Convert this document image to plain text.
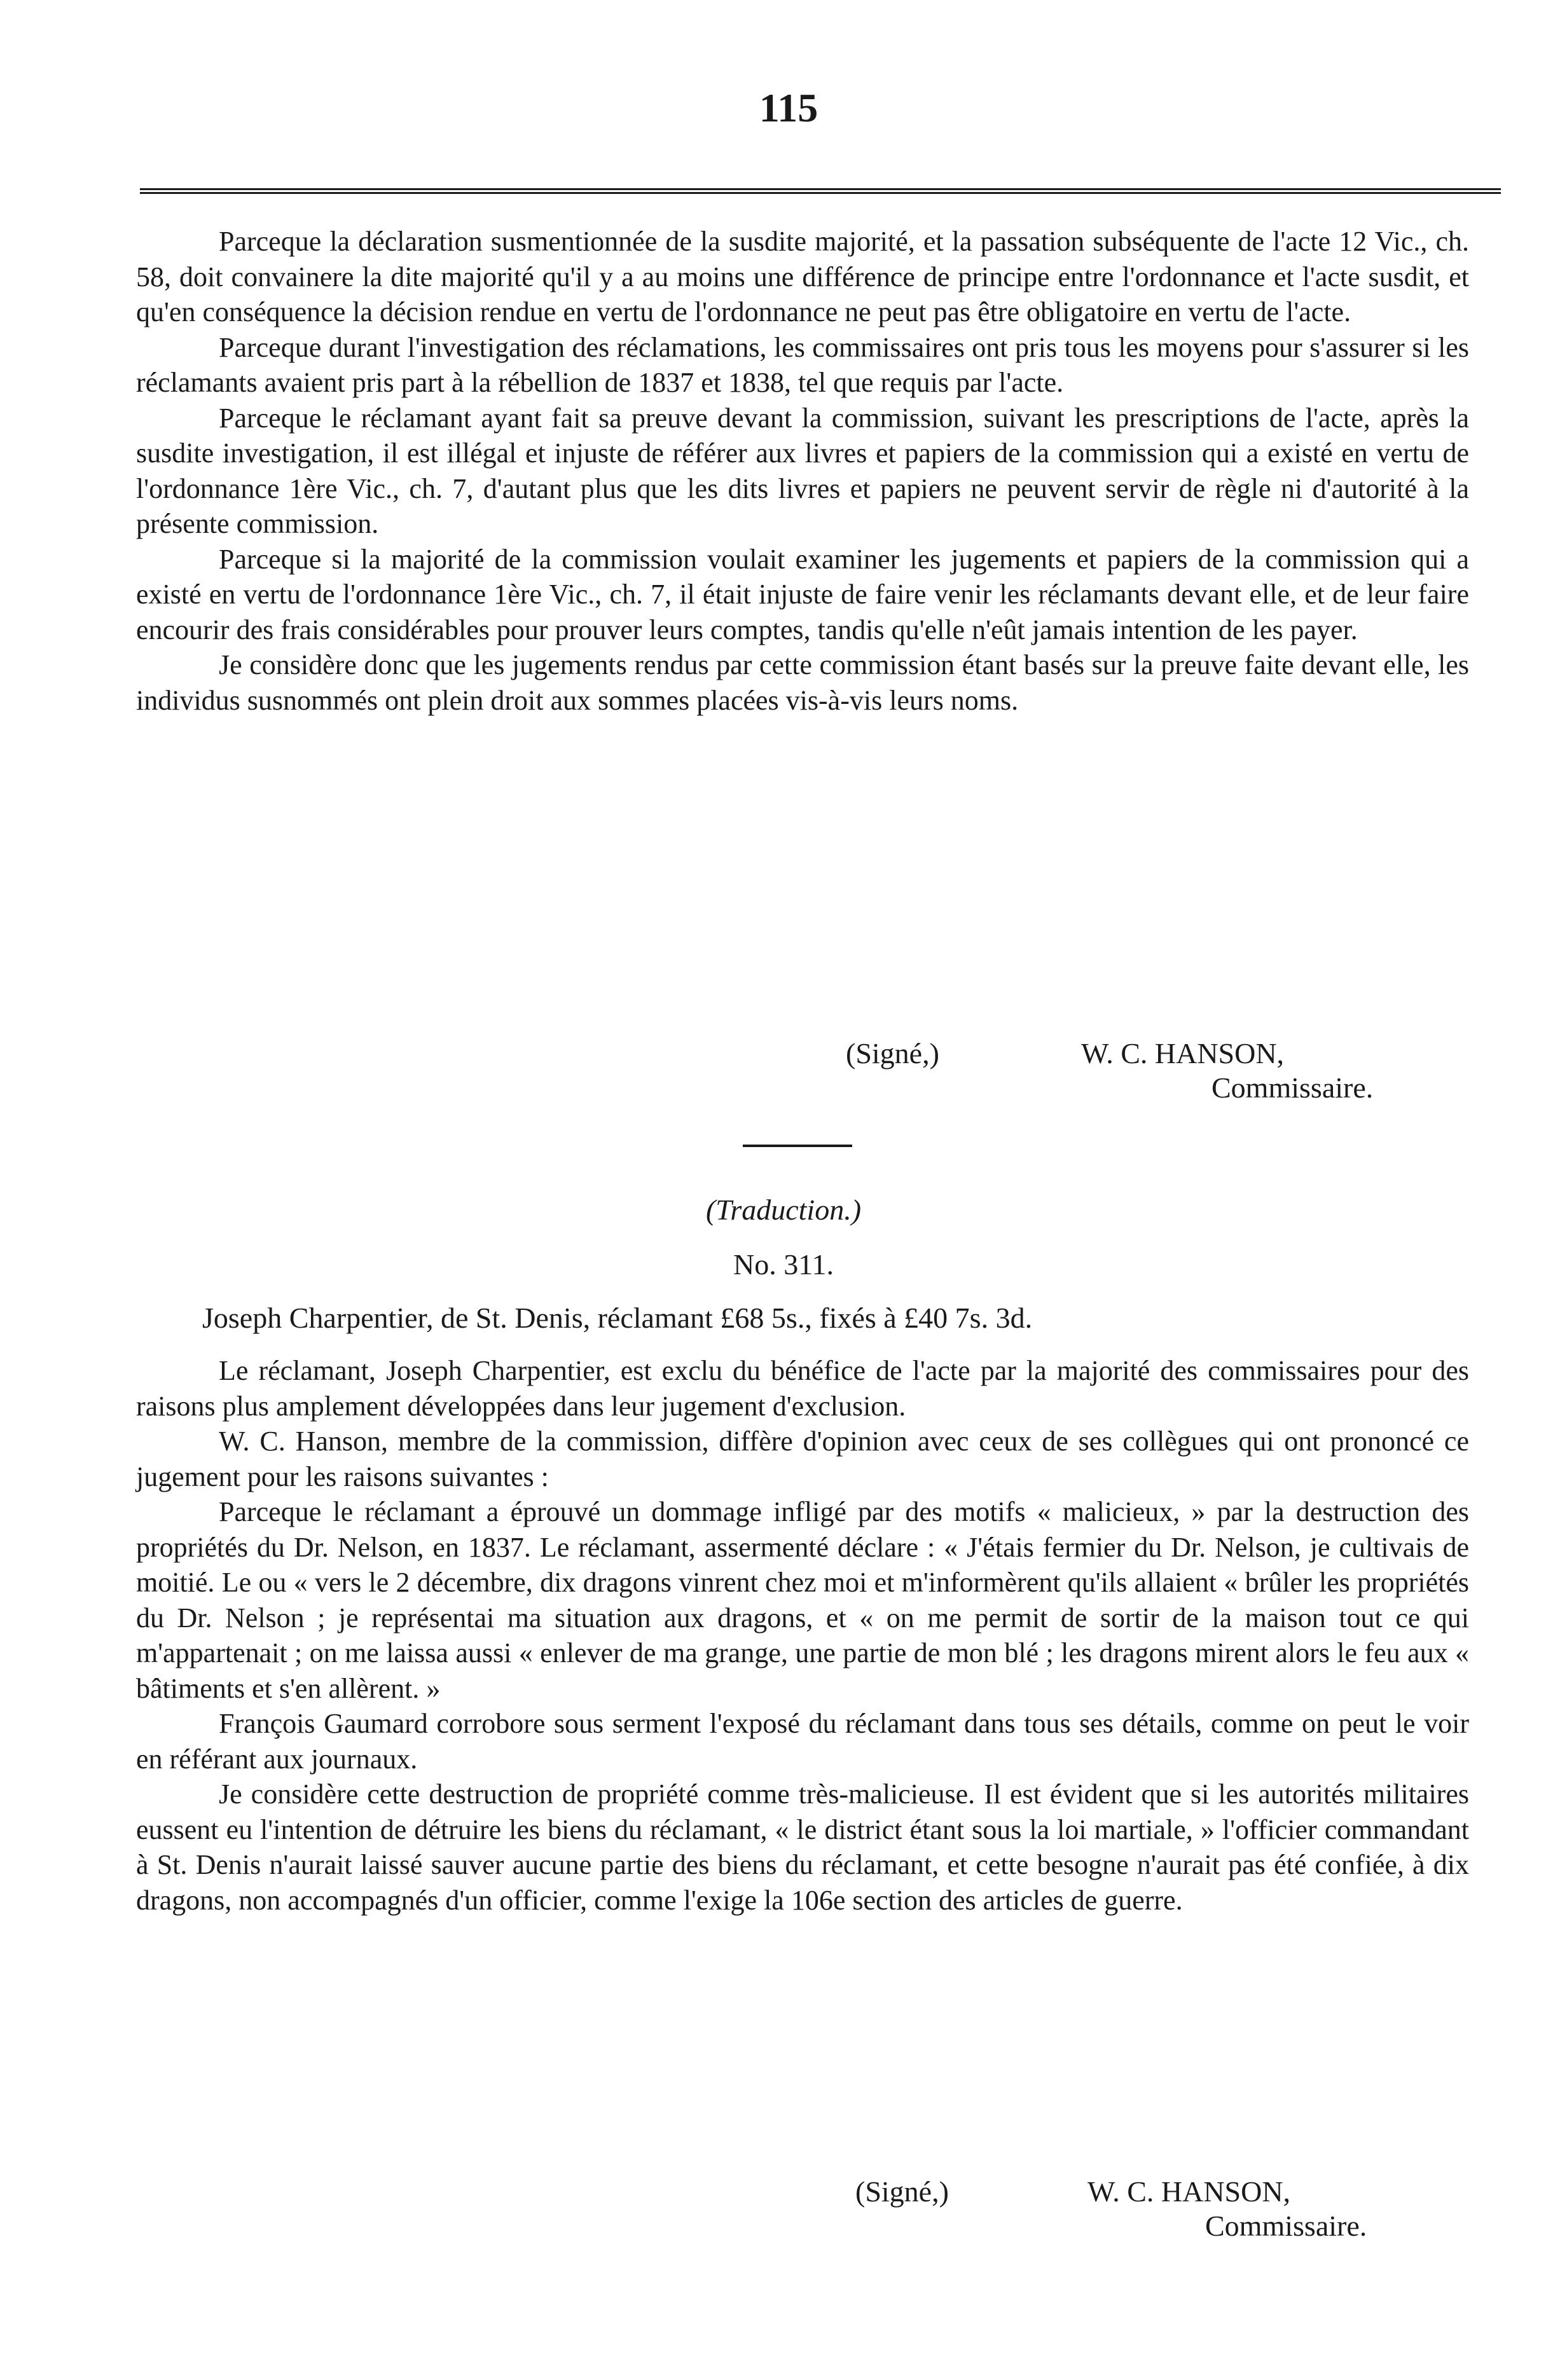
115

Parceque la déclaration susmentionnée de la susdite majorité, et la passation subséquente de l'acte 12 Vic., ch. 58, doit convainere la dite majorité qu'il y a au moins une différence de principe entre l'ordonnance et l'acte susdit, et qu'en conséquence la décision rendue en vertu de l'ordonnance ne peut pas être obligatoire en vertu de l'acte.

Parceque durant l'investigation des réclamations, les commissaires ont pris tous les moyens pour s'assurer si les réclamants avaient pris part à la rébellion de 1837 et 1838, tel que requis par l'acte.

Parceque le réclamant ayant fait sa preuve devant la commission, suivant les prescriptions de l'acte, après la susdite investigation, il est illégal et injuste de référer aux livres et papiers de la commission qui a existé en vertu de l'ordonnance 1ère Vic., ch. 7, d'autant plus que les dits livres et papiers ne peuvent servir de règle ni d'autorité à la présente commission.

Parceque si la majorité de la commission voulait examiner les jugements et papiers de la commission qui a existé en vertu de l'ordonnance 1ère Vic., ch. 7, il était injuste de faire venir les réclamants devant elle, et de leur faire encourir des frais considérables pour prouver leurs comptes, tandis qu'elle n'eût jamais intention de les payer.

Je considère donc que les jugements rendus par cette commission étant basés sur la preuve faite devant elle, les individus susnommés ont plein droit aux sommes placées vis-à-vis leurs noms.

(Signé,)	W. C. HANSON,
Commissaire.
(Traduction.)
No. 311.
Joseph Charpentier, de St. Denis, réclamant £68 5s., fixés à £40 7s. 3d.

Le réclamant, Joseph Charpentier, est exclu du bénéfice de l'acte par la majorité des commissaires pour des raisons plus amplement développées dans leur jugement d'exclusion.

W. C. Hanson, membre de la commission, diffère d'opinion avec ceux de ses collègues qui ont prononcé ce jugement pour les raisons suivantes :

Parceque le réclamant a éprouvé un dommage infligé par des motifs « malicieux, » par la destruction des propriétés du Dr. Nelson, en 1837. Le réclamant, assermenté déclare : « J'étais fermier du Dr. Nelson, je cultivais de moitié. Le ou « vers le 2 décembre, dix dragons vinrent chez moi et m'informèrent qu'ils allaient « brûler les propriétés du Dr. Nelson ; je représentai ma situation aux dragons, et « on me permit de sortir de la maison tout ce qui m'appartenait ; on me laissa aussi « enlever de ma grange, une partie de mon blé ; les dragons mirent alors le feu aux « bâtiments et s'en allèrent. »

François Gaumard corrobore sous serment l'exposé du réclamant dans tous ses détails, comme on peut le voir en référant aux journaux.

Je considère cette destruction de propriété comme très-malicieuse. Il est évident que si les autorités militaires eussent eu l'intention de détruire les biens du réclamant, « le district étant sous la loi martiale, » l'officier commandant à St. Denis n'aurait laissé sauver aucune partie des biens du réclamant, et cette besogne n'aurait pas été confiée, à dix dragons, non accompagnés d'un officier, comme l'exige la 106e section des articles de guerre.

(Signé,)	W. C. HANSON,
Commissaire.
